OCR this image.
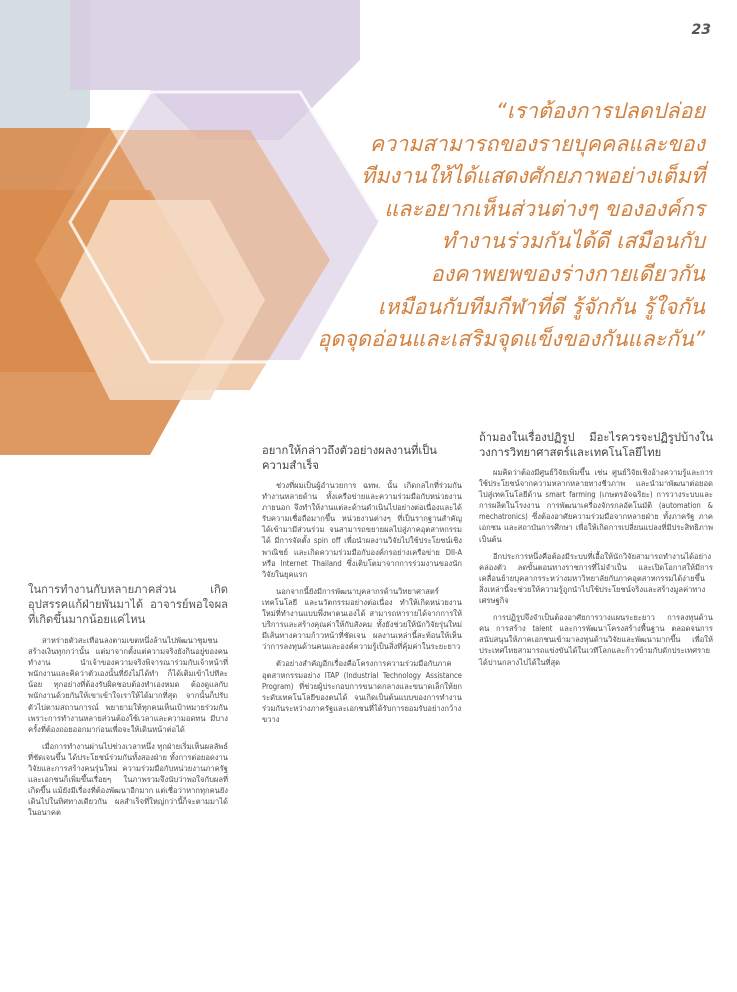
23
“เราต้องการปลดปล่อย
ความสามารถของรายบุคคลและของ
ทีมงานให้ได้แสดงศักยภาพอย่างเต็มที่
และอยากเห็นส่วนต่างๆ ขององค์กร
ทำงานร่วมกันได้ดี เสมือนกับ
องคาพยพของร่างกายเดียวกัน
เหมือนกับทีมกีฬาที่ดี รู้จักกัน รู้ใจกัน
อุดจุดอ่อนและเสริมจุดแข็งของกันและกัน”
ในการทำงานกับหลายภาคส่วน เกิดอุปสรรคแก้ฝ่ายพันมาได้ อาจารย์พอใจผลที่เกิดขึ้นมากน้อยแค่ไหน

สาหร่ายตัวสะเทือนลงตามเขตหนึ่งล้านไปพัฒนาชุมชน สร้างเงินทุกกว่านั้น แต่มาจากตั้งแต่ความจริงยังกินอยู่ของคนทำงาน นำเจ้าของความจริงพิจารณาร่วมกับเจ้าหน้าที่พนักงานและคิดว่าตัวเองนั้นที่ยังไม่ได้ทำ ก็ได้เติมเข้าไปทีละน้อย ทุกอย่างที่ต้องรับผิดชอบต้องทำเองหมด ต้องดูแลกับพนักงานด้วยกันให้เขาเข้าใจเราให้ได้มากที่สุด จากนั้นก็ปรับตัวไปตามสถานการณ์ พยายามให้ทุกคนเห็นเป้าหมายร่วมกัน เพราะการทำงานหลายส่วนต้องใช้เวลาและความอดทน มีบางครั้งที่ต้องถอยออกมาก่อนเพื่อจะให้เดินหน้าต่อได้

เมื่อการทำงานผ่านไปช่วงเวลาหนึ่ง ทุกฝ่ายเริ่มเห็นผลลัพธ์ที่ชัดเจนขึ้น ได้ประโยชน์ร่วมกันทั้งสองฝ่าย ทั้งการต่อยอดงานวิจัยและการสร้างคนรุ่นใหม่ ความร่วมมือกับหน่วยงานภาครัฐและเอกชนก็เพิ่มขึ้นเรื่อยๆ ในภาพรวมจึงนับว่าพอใจกับผลที่เกิดขึ้น แม้ยังมีเรื่องที่ต้องพัฒนาอีกมาก แต่เชื่อว่าหากทุกคนยังเดินไปในทิศทางเดียวกัน ผลสำเร็จที่ใหญ่กว่านี้ก็จะตามมาได้ในอนาคต

อยากให้กล่าวถึงตัวอย่างผลงานที่เป็นความสำเร็จ

ช่วงที่ผมเป็นผู้อำนวยการ ฉทพ. นั้น เกิดกลไกที่ร่วมกันทำงานหลายด้าน ทั้งเครือข่ายและความร่วมมือกับหน่วยงานภายนอก จึงทำให้งานแต่ละด้านดำเนินไปอย่างต่อเนื่องและได้รับความเชื่อถือมากขึ้น หน่วยงานต่างๆ ที่เป็นรากฐานสำคัญได้เข้ามามีส่วนร่วม จนสามารถขยายผลไปสู่ภาคอุตสาหกรรมได้ มีการจัดตั้ง spin off เพื่อนำผลงานวิจัยไปใช้ประโยชน์เชิงพาณิชย์ และเกิดความร่วมมือกับองค์กรอย่างเครือข่าย DII-A หรือ Internet Thailand ซึ่งเติบโตมาจากการร่วมงานของนักวิจัยในยุคแรก

นอกจากนี้ยังมีการพัฒนาบุคลากรด้านวิทยาศาสตร์ เทคโนโลยี และนวัตกรรมอย่างต่อเนื่อง ทำให้เกิดหน่วยงานใหม่ที่ทำงานแบบพึ่งพาตนเองได้ สามารถหารายได้จากการให้บริการและสร้างคุณค่าให้กับสังคม ทั้งยังช่วยให้นักวิจัยรุ่นใหม่มีเส้นทางความก้าวหน้าที่ชัดเจน ผลงานเหล่านี้สะท้อนให้เห็นว่าการลงทุนด้านคนและองค์ความรู้เป็นสิ่งที่คุ้มค่าในระยะยาว

ตัวอย่างสำคัญอีกเรื่องคือโครงการความร่วมมือกับภาคอุตสาหกรรมอย่าง ITAP (Industrial Technology Assistance Program) ที่ช่วยผู้ประกอบการขนาดกลางและขนาดเล็กให้ยกระดับเทคโนโลยีของตนได้ จนเกิดเป็นต้นแบบของการทำงานร่วมกันระหว่างภาครัฐและเอกชนที่ได้รับการยอมรับอย่างกว้างขวาง

ถ้ามองในเรื่องปฏิรูป มีอะไรควรจะปฏิรูปบ้างในวงการวิทยาศาสตร์และเทคโนโลยีไทย

ผมคิดว่าต้องมีศูนย์วิจัยเพิ่มขึ้น เช่น ศูนย์วิจัยเชิงอ้างความรู้และการใช้ประโยชน์จากความหลากหลายทางชีวภาพ และนำมาพัฒนาต่อยอดไปสู่เทคโนโลยีด้าน smart farming (เกษตรอัจฉริยะ) การวางระบบและการผลิตในโรงงาน การพัฒนาเครื่องจักรกลอัตโนมัติ (automation & mechatronics) ซึ่งต้องอาศัยความร่วมมือจากหลายฝ่าย ทั้งภาครัฐ ภาคเอกชน และสถาบันการศึกษา เพื่อให้เกิดการเปลี่ยนแปลงที่มีประสิทธิภาพ เป็นต้น

อีกประการหนึ่งคือต้องมีระบบที่เอื้อให้นักวิจัยสามารถทำงานได้อย่างคล่องตัว ลดขั้นตอนทางราชการที่ไม่จำเป็น และเปิดโอกาสให้มีการเคลื่อนย้ายบุคลากรระหว่างมหาวิทยาลัยกับภาคอุตสาหกรรมได้ง่ายขึ้น สิ่งเหล่านี้จะช่วยให้ความรู้ถูกนำไปใช้ประโยชน์จริงและสร้างมูลค่าทางเศรษฐกิจ

การปฏิรูปจึงจำเป็นต้องอาศัยการวางแผนระยะยาว การลงทุนด้านคน การสร้าง talent และการพัฒนาโครงสร้างพื้นฐาน ตลอดจนการสนับสนุนให้ภาคเอกชนเข้ามาลงทุนด้านวิจัยและพัฒนามากขึ้น เพื่อให้ประเทศไทยสามารถแข่งขันได้ในเวทีโลกและก้าวข้ามกับดักประเทศรายได้ปานกลางไปได้ในที่สุด
